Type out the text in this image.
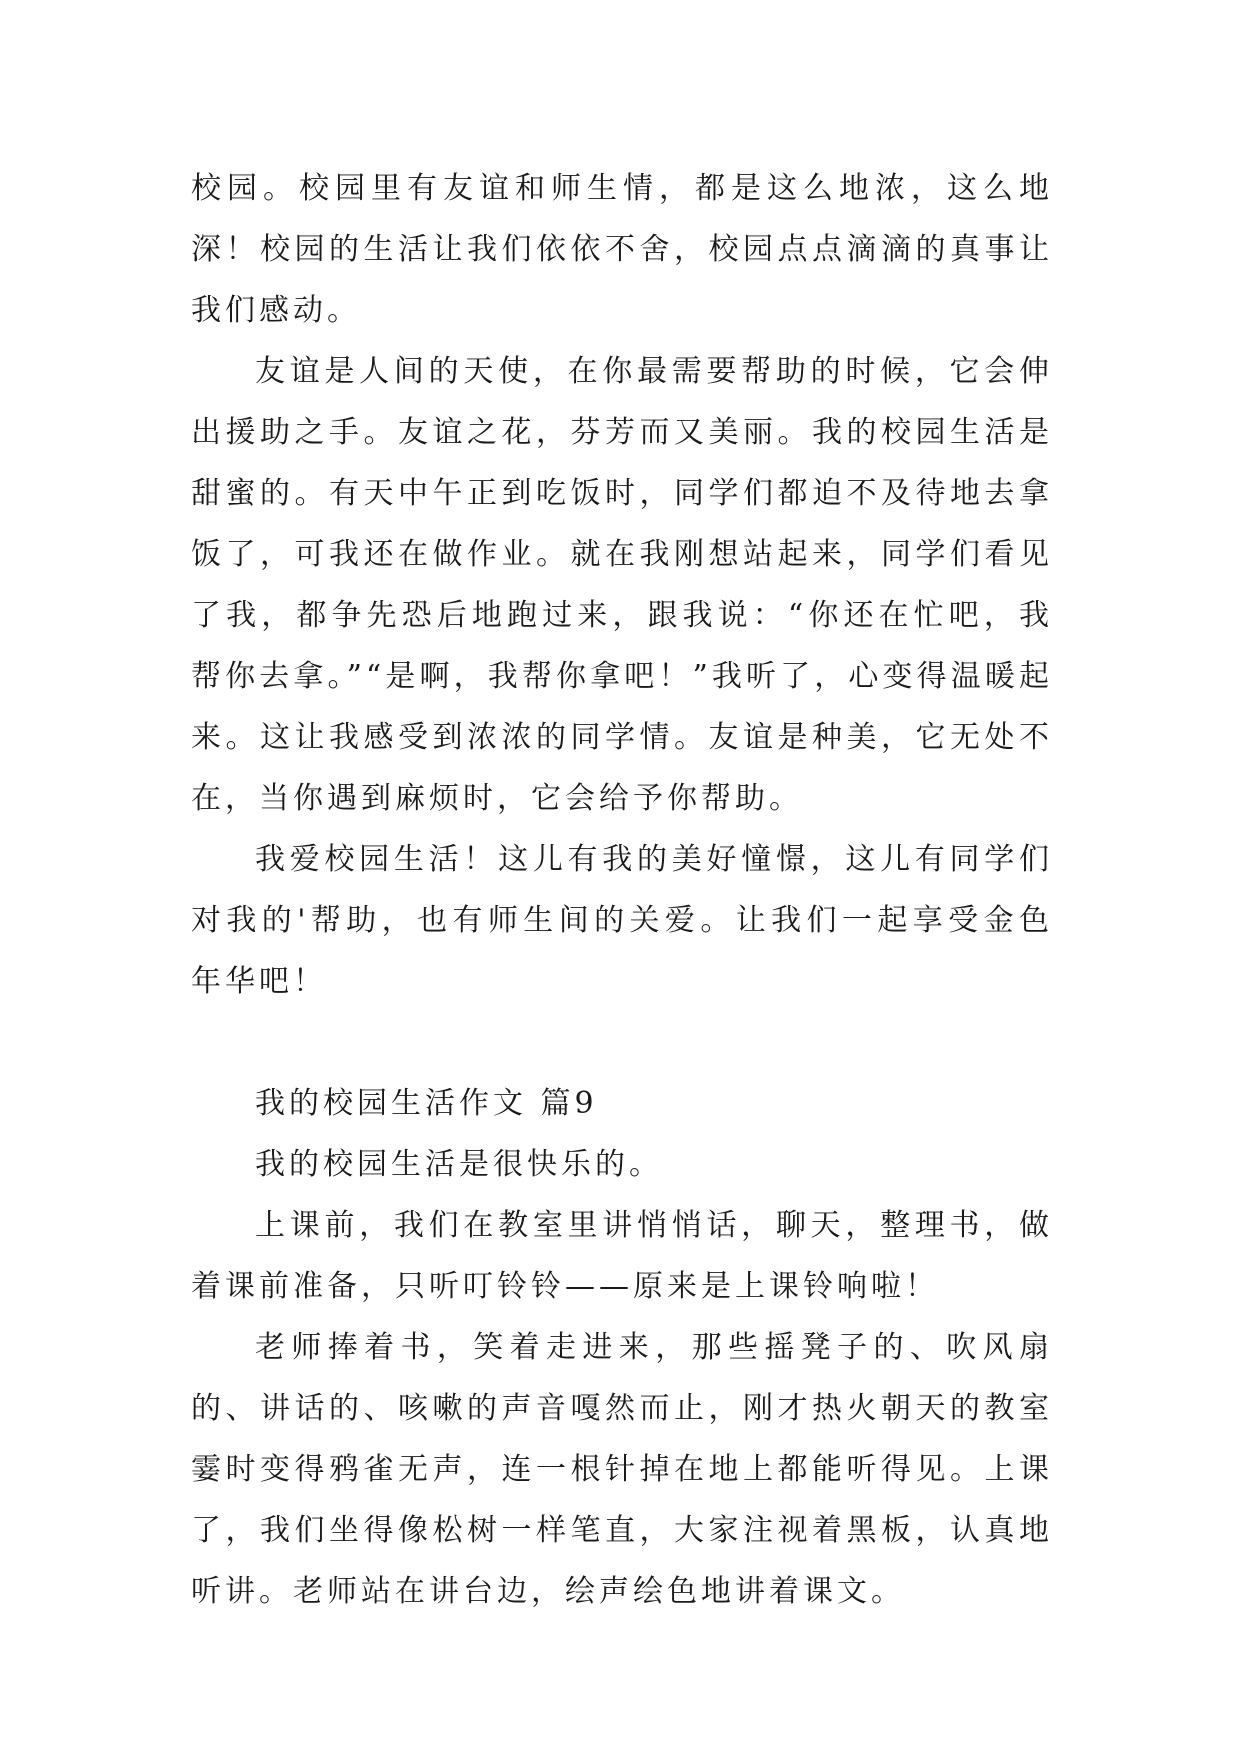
校园。校园里有友谊和师生情，都是这么地浓，这么地深！校园的生活让我们依依不舍，校园点点滴滴的真事让我们感动。

友谊是人间的天使，在你最需要帮助的时候，它会伸出援助之手。友谊之花，芬芳而又美丽。我的校园生活是甜蜜的。有天中午正到吃饭时，同学们都迫不及待地去拿饭了，可我还在做作业。就在我刚想站起来，同学们看见了我，都争先恐后地跑过来，跟我说：“你还在忙吧，我帮你去拿。”“是啊，我帮你拿吧！”我听了，心变得温暖起来。这让我感受到浓浓的同学情。友谊是种美，它无处不在，当你遇到麻烦时，它会给予你帮助。

我爱校园生活！这儿有我的美好憧憬，这儿有同学们对我的'帮助，也有师生间的关爱。让我们一起享受金色年华吧！

我的校园生活作文 篇9

我的校园生活是很快乐的。

上课前，我们在教室里讲悄悄话，聊天，整理书，做着课前准备，只听叮铃铃——原来是上课铃响啦！

老师捧着书，笑着走进来，那些摇凳子的、吹风扇的、讲话的、咳嗽的声音嘎然而止，刚才热火朝天的教室霎时变得鸦雀无声，连一根针掉在地上都能听得见。上课了，我们坐得像松树一样笔直，大家注视着黑板，认真地听讲。老师站在讲台边，绘声绘色地讲着课文。
